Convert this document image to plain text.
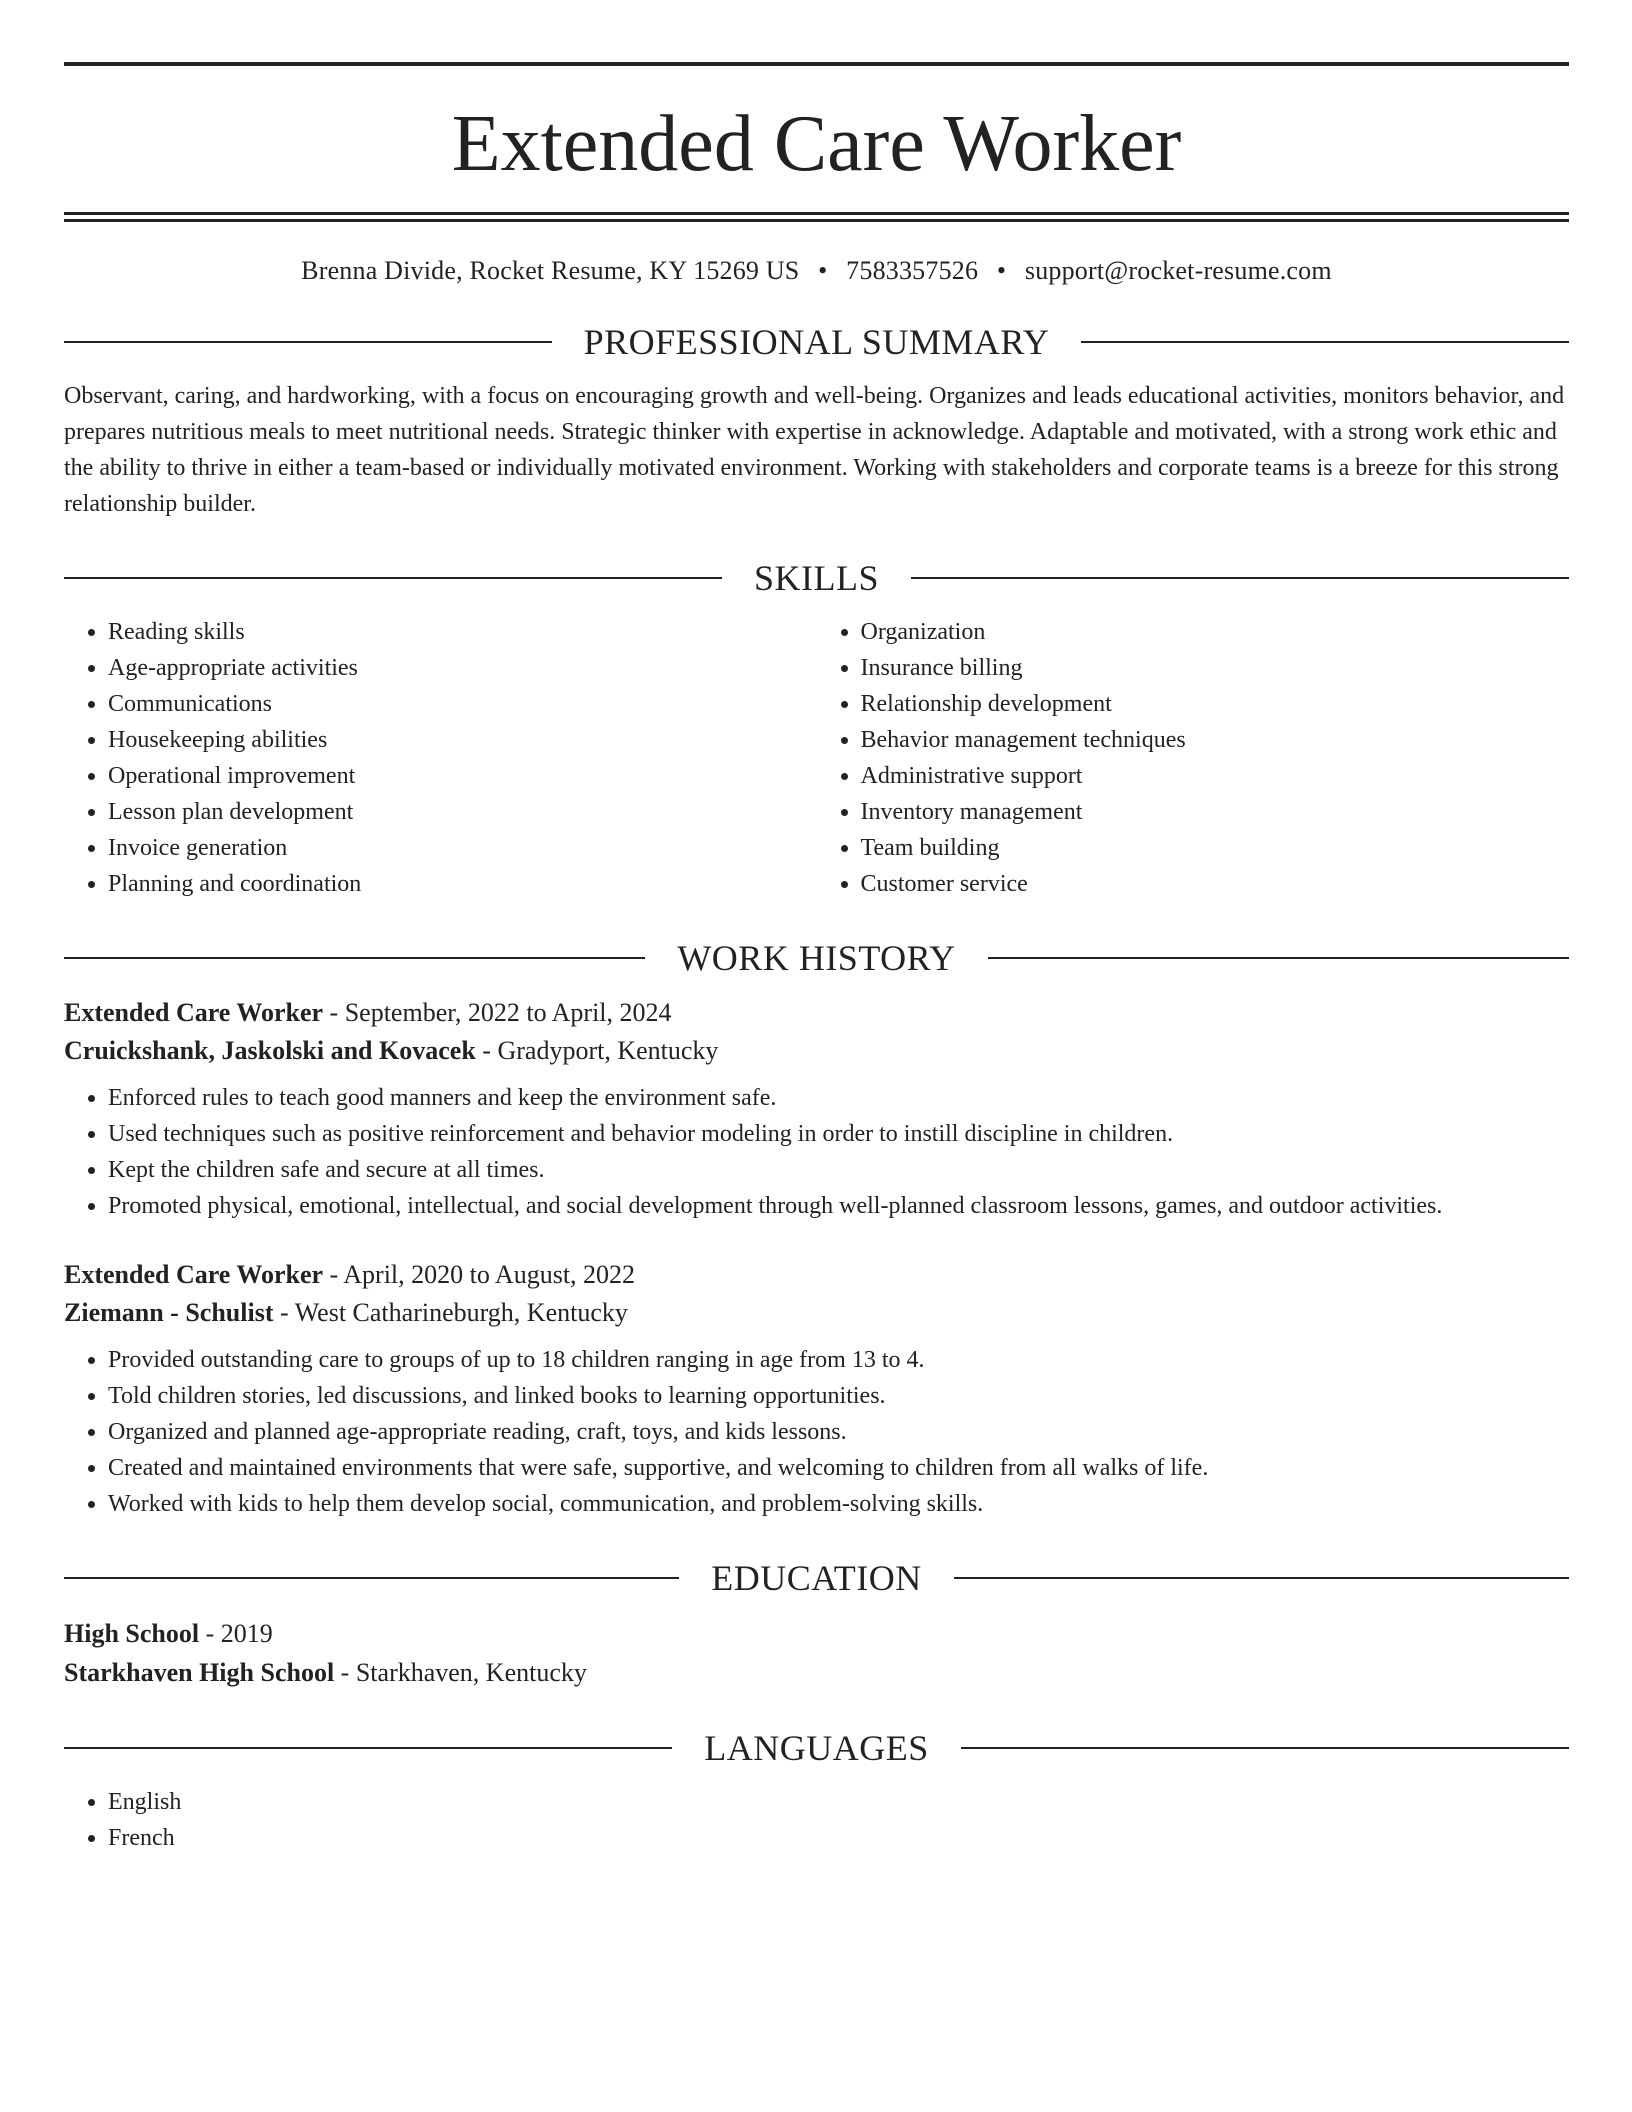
Extended Care Worker
Brenna Divide, Rocket Resume, KY 15269 US • 7583357526 • support@rocket-resume.com
PROFESSIONAL SUMMARY

Observant, caring, and hardworking, with a focus on encouraging growth and well-being. Organizes and leads educational activities, monitors behavior, and prepares nutritious meals to meet nutritional needs. Strategic thinker with expertise in acknowledge. Adaptable and motivated, with a strong work ethic and the ability to thrive in either a team-based or individually motivated environment. Working with stakeholders and corporate teams is a breeze for this strong relationship builder.

SKILLS
• Reading skills
• Age-appropriate activities
• Communications
• Housekeeping abilities
• Operational improvement
• Lesson plan development
• Invoice generation
• Planning and coordination
• Organization
• Insurance billing
• Relationship development
• Behavior management techniques
• Administrative support
• Inventory management
• Team building
• Customer service
WORK HISTORY
Extended Care Worker - September, 2022 to April, 2024
Cruickshank, Jaskolski and Kovacek - Gradyport, Kentucky
• Enforced rules to teach good manners and keep the environment safe.
• Used techniques such as positive reinforcement and behavior modeling in order to instill discipline in children.
• Kept the children safe and secure at all times.
• Promoted physical, emotional, intellectual, and social development through well-planned classroom lessons, games, and outdoor activities.
Extended Care Worker - April, 2020 to August, 2022
Ziemann - Schulist - West Catharineburgh, Kentucky
• Provided outstanding care to groups of up to 18 children ranging in age from 13 to 4.
• Told children stories, led discussions, and linked books to learning opportunities.
• Organized and planned age-appropriate reading, craft, toys, and kids lessons.
• Created and maintained environments that were safe, supportive, and welcoming to children from all walks of life.
• Worked with kids to help them develop social, communication, and problem-solving skills.
EDUCATION
High School - 2019
Starkhaven High School - Starkhaven, Kentucky
LANGUAGES
• English
• French
